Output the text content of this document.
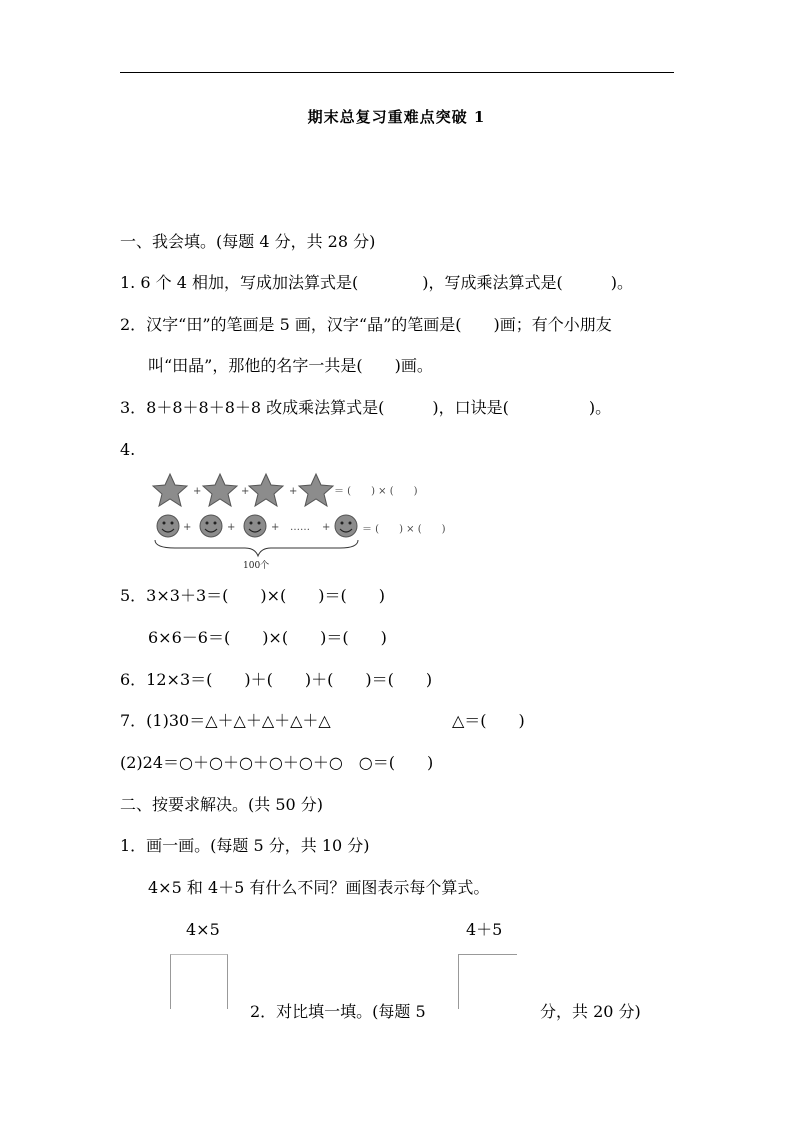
期末总复习重难点突破 1
一、我会填。(每题 4 分，共 28 分)
1. 6 个 4 相加，写成加法算式是(　　　　)，写成乘法算式是(　　　)。
2．汉字“田”的笔画是 5 画，汉字“晶”的笔画是(　　)画；有个小朋友
叫“田晶”，那他的名字一共是(　　)画。
3．8＋8＋8＋8＋8 改成乘法算式是(　　　)，口诀是(　　　　　)。
4.
+	+	+	＝ (　　) × (　　)
+	+	+ …… +	＝ (　　) × (　　)
100个
5．3×3＋3＝(　　)×(　　)＝(　　)
6×6－6＝(　　)×(　　)＝(　　)
6．12×3＝(　　)＋(　　)＋(　　)＝(　　)
7．(1)30＝△＋△＋△＋△＋△	△＝(　　)
(2)24＝○＋○＋○＋○＋○＋○　○＝(　　)
二、按要求解决。(共 50 分)
1．画一画。(每题 5 分，共 10 分)
4×5 和 4＋5 有什么不同？画图表示每个算式。
4×5	4＋5
2．对比填一填。(每题 5	分，共 20 分)
